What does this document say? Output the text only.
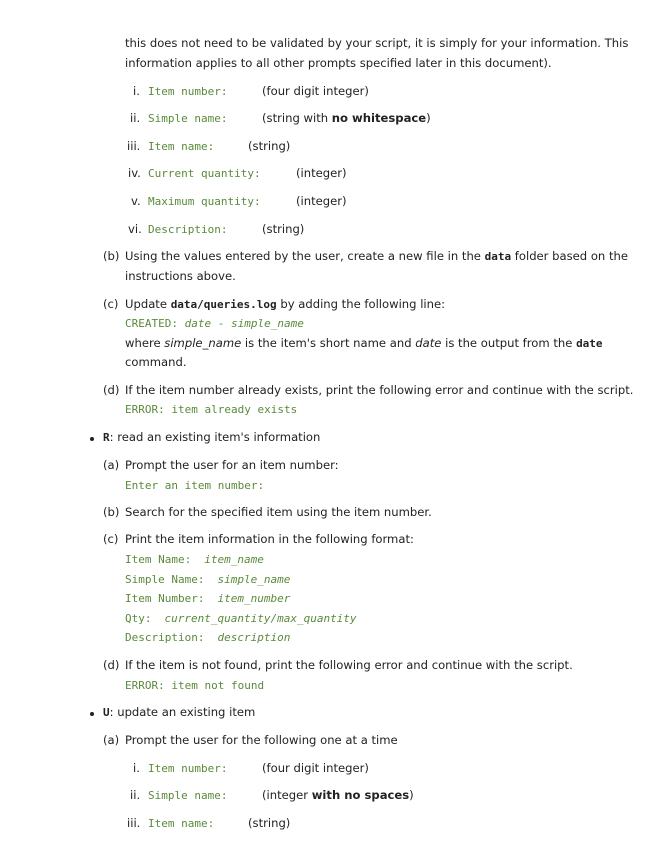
this does not need to be validated by your script, it is simply for your information. This
information applies to all other prompts specified later in this document).
i. Item number:	(four digit integer)
ii. Simple name:	(string with no whitespace)
iii. Item name:	(string)
iv. Current quantity:	(integer)
v. Maximum quantity:	(integer)
vi. Description:	(string)
(b) Using the values entered by the user, create a new file in the data folder based on the
instructions above.
(c) Update data/queries.log by adding the following line:
CREATED: date - simple_name
where simple_name is the item's short name and date is the output from the date
command.
(d) If the item number already exists, print the following error and continue with the script.
ERROR: item already exists
R: read an existing item's information
(a) Prompt the user for an item number:
Enter an item number:
(b) Search for the specified item using the item number.
(c) Print the item information in the following format:
Item Name: item_name
Simple Name: simple_name
Item Number: item_number
Qty: current_quantity/max_quantity
Description: description
(d) If the item is not found, print the following error and continue with the script.
ERROR: item not found
U: update an existing item
(a) Prompt the user for the following one at a time
i. Item number:	(four digit integer)
ii. Simple name:	(integer with no spaces)
iii. Item name:	(string)
